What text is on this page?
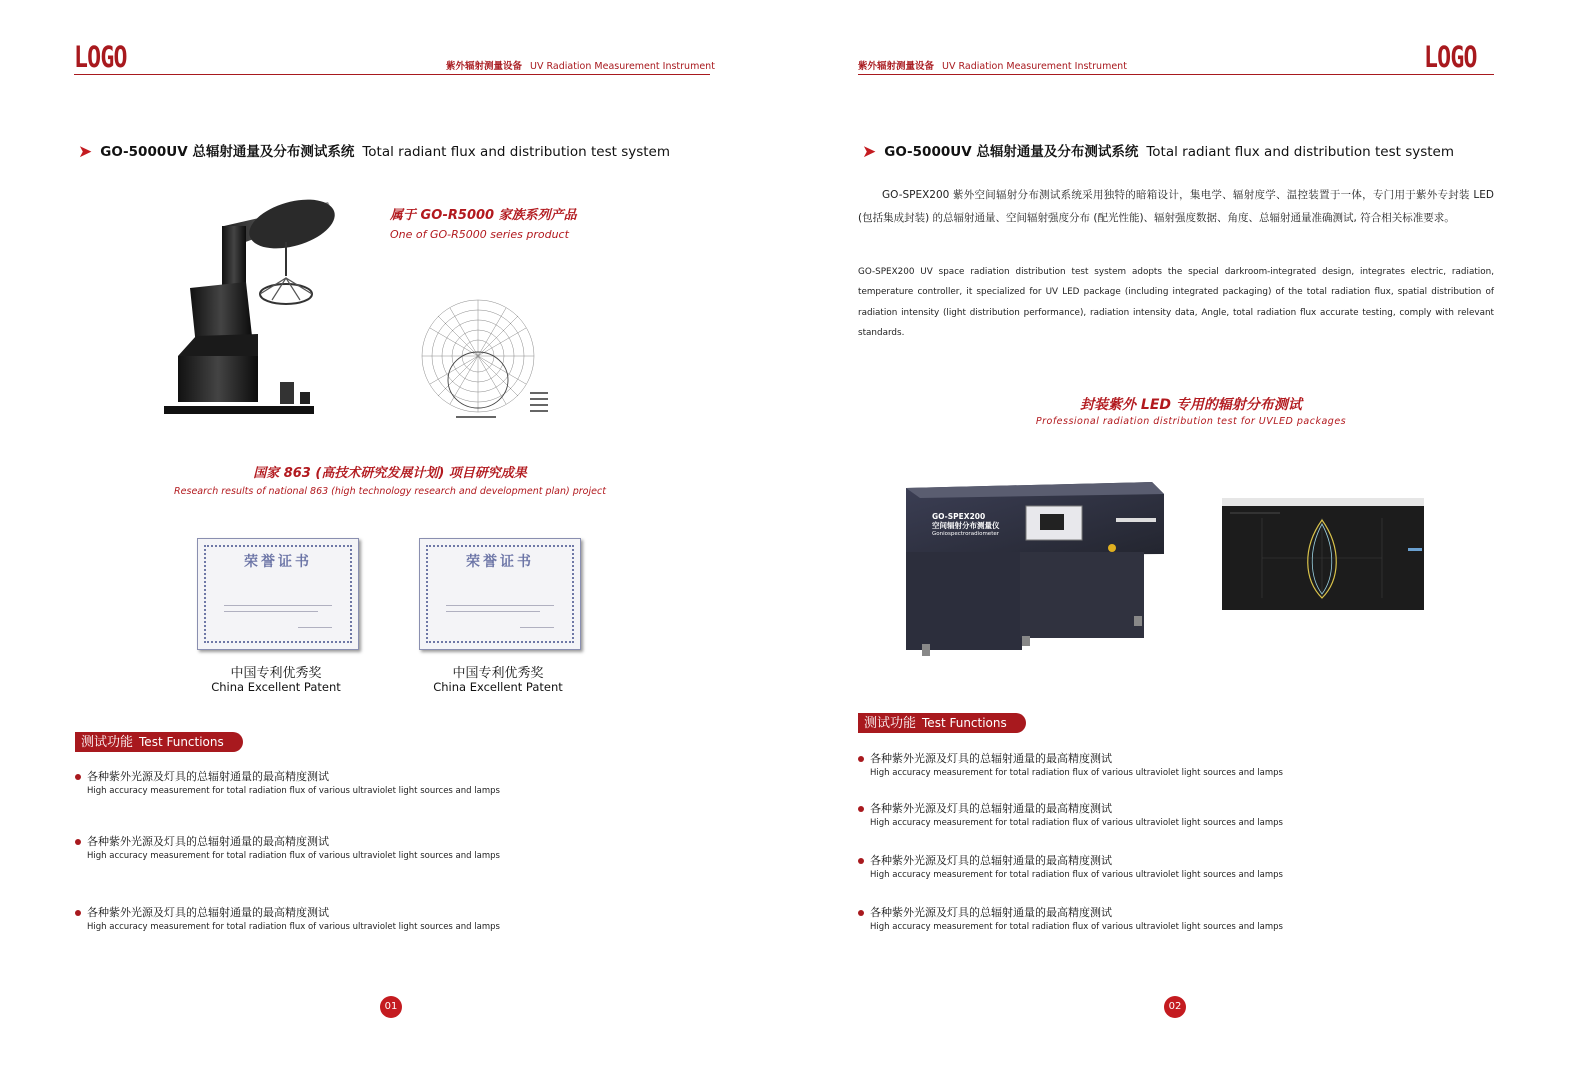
LOGO	紫外辐射测量设备 UV Radiation Measurement Instrument
➤ GO-5000UV 总辐射通量及分布测试系统 Total radiant flux and distribution test system
属于 GO-R5000 家族系列产品
One of GO-R5000 series product
国家 863 (高技术研究发展计划) 项目研究成果
Research results of national 863 (high technology research and development plan) project
荣誉证书	荣誉证书
中国专利优秀奖
China Excellent Patent
中国专利优秀奖
China Excellent Patent
测试功能 Test Functions
各种紫外光源及灯具的总辐射通量的最高精度测试
High accuracy measurement for total radiation flux of various ultraviolet light sources and lamps
各种紫外光源及灯具的总辐射通量的最高精度测试
High accuracy measurement for total radiation flux of various ultraviolet light sources and lamps
各种紫外光源及灯具的总辐射通量的最高精度测试
High accuracy measurement for total radiation flux of various ultraviolet light sources and lamps
01
紫外辐射测量设备 UV Radiation Measurement Instrument	LOGO
➤ GO-5000UV 总辐射通量及分布测试系统 Total radiant flux and distribution test system
GO-SPEX200 紫外空间辐射分布测试系统采用独特的暗箱设计，集电学、辐射度学、温控装置于一体，专门用于紫外专封装 LED (包括集成封装) 的总辐射通量、空间辐射强度分布 (配光性能)、辐射强度数据、角度、总辐射通量准确测试, 符合相关标准要求。
GO-SPEX200 UV space radiation distribution test system adopts the special darkroom-integrated design, integrates electric, radiation, temperature controller, it specialized for UV LED package (including integrated packaging) of the total radiation flux, spatial distribution of radiation intensity (light distribution performance), radiation intensity data, Angle, total radiation flux accurate testing, comply with relevant standards.
封装紫外 LED 专用的辐射分布测试
Professional radiation distribution test for UVLED packages
GO-SPEX200
空间辐射分布测量仪
Goniospectroradiometer
测试功能 Test Functions
各种紫外光源及灯具的总辐射通量的最高精度测试
High accuracy measurement for total radiation flux of various ultraviolet light sources and lamps
各种紫外光源及灯具的总辐射通量的最高精度测试
High accuracy measurement for total radiation flux of various ultraviolet light sources and lamps
各种紫外光源及灯具的总辐射通量的最高精度测试
High accuracy measurement for total radiation flux of various ultraviolet light sources and lamps
各种紫外光源及灯具的总辐射通量的最高精度测试
High accuracy measurement for total radiation flux of various ultraviolet light sources and lamps
02
